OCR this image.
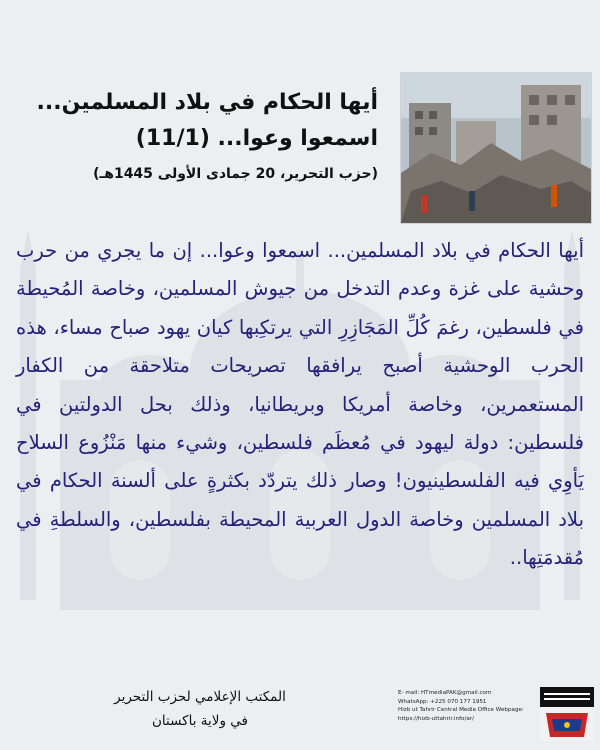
أيها الحكام في بلاد المسلمين...

اسمعوا وعوا... (11/1)

(حزب التحرير، 20 جمادى الأولى 1445هـ)

أيها الحكام في بلاد المسلمين... اسمعوا وعوا... إن ما يجري من حرب وحشية على غزة وعدم التدخل من جيوش المسلمين، وخاصة المُحيطة في فلسطين، رغمَ كُلِّ المَجَازِرِ التي يرتكِبها كيان يهود صباح مساء، هذه الحرب الوحشية أصبح يرافقها تصريحات متلاحقة من الكفار المستعمرين، وخاصة أمريكا وبريطانيا، وذلك بحل الدولتين في فلسطين: دولة ليهود في مُعظَم فلسطين، وشيء منها مَنْزُوع السلاح يَأوِي فيه الفلسطينيون! وصار ذلك يتردّد بكثرةٍ على ألسنة الحكام في بلاد المسلمين وخاصة الدول العربية المحيطة بفلسطين، والسلطةِ في مُقدمَتِها..

المكتب الإعلامي لحزب التحرير
في ولاية باكستان
E- mail: HTmediaPAK@gmail.com
WhatsApp: +225 070 177 1951
Hizb ut Tahrir Central Media Office Webpage:
https://hizb-uttahrir.info/ar/
